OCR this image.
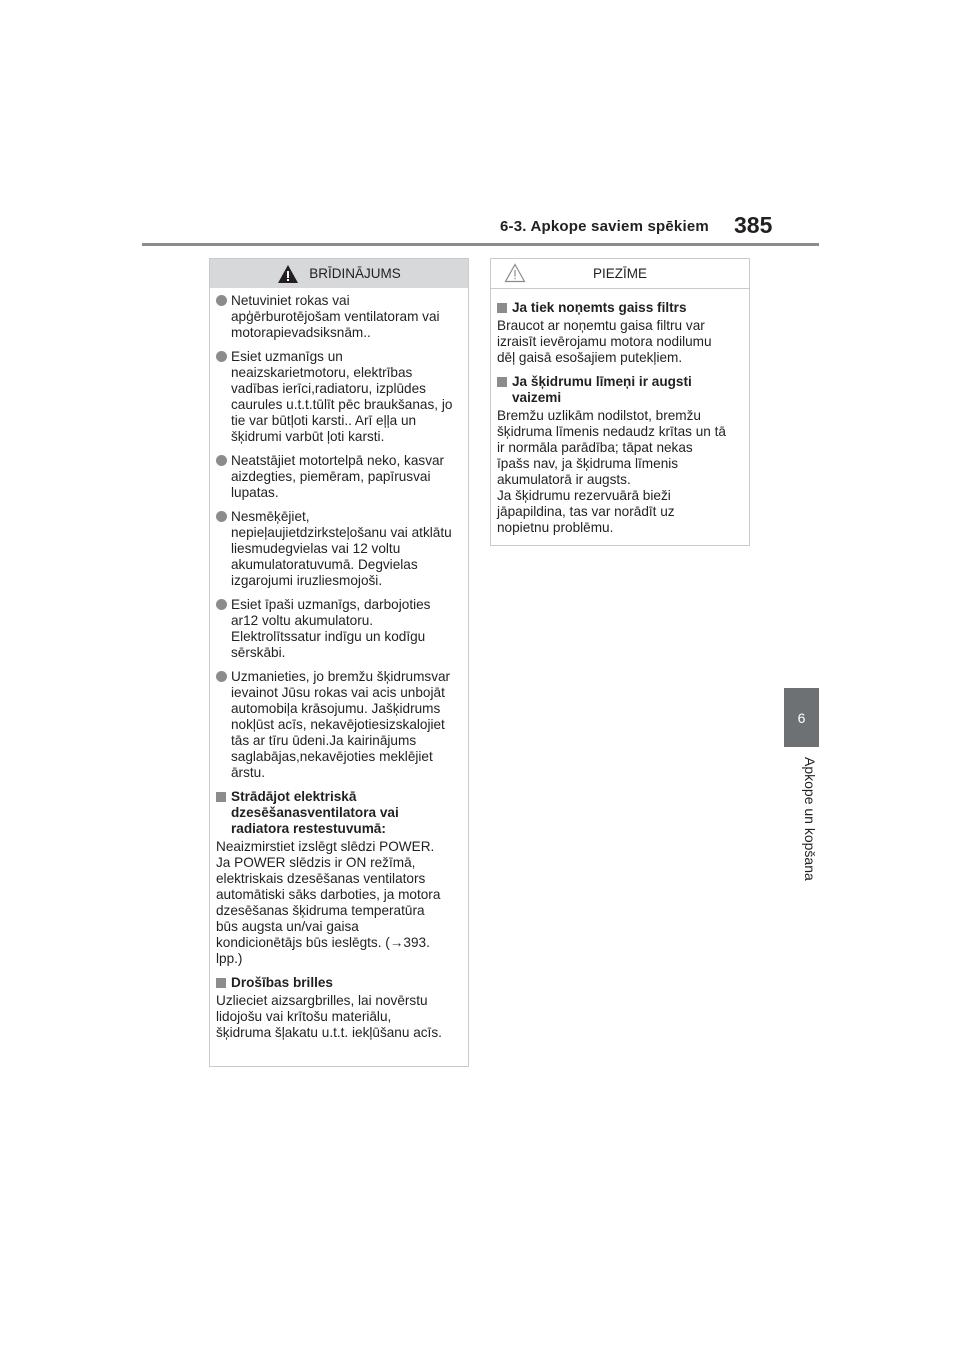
6-3. Apkope saviem spēkiem 385
6
Apkope un kopšana
BRĪDINĀJUMS
Netuviniet rokas vai apģērburotējošam ventilatoram vai motorapievadsiksnām..
Esiet uzmanīgs un neaizskarietmotoru, elektrības vadības ierīci,radiatoru, izplūdes caurules u.t.t.tūlīt pēc braukšanas, jo tie var būtļoti karsti.. Arī eļļa un šķidrumi varbūt ļoti karsti.
Neatstājiet motortelpā neko, kasvar aizdegties, piemēram, papīrusvai lupatas.
Nesmēķējiet, nepieļaujietdzirksteļošanu vai atklātu liesmudegvielas vai 12 voltu akumulatoratuvumā. Degvielas izgarojumi iruzliesmojoši.
Esiet īpaši uzmanīgs, darbojoties ar12 voltu akumulatoru. Elektrolītssatur indīgu un kodīgu sērskābi.
Uzmanieties, jo bremžu šķidrumsvar ievainot Jūsu rokas vai acis unbojāt automobiļa krāsojumu. Jašķidrums nokļūst acīs, nekavējotiesizskalojiet tās ar tīru ūdeni.Ja kairinājums saglabājas,nekavējoties meklējiet ārstu.
Strādājot elektriskā dzesēšanasventilatora vai radiatora restestuvumā:
Neaizmirstiet izslēgt slēdzi POWER.
Ja POWER slēdzis ir ON režīmā,
elektriskais dzesēšanas ventilators
automātiski sāks darboties, ja motora
dzesēšanas šķidruma temperatūra
būs augsta un/vai gaisa
kondicionētājs būs ieslēgts. (→393.
lpp.)
Drošības brilles
Uzlieciet aizsargbrilles, lai novērstu
lidojošu vai krītošu materiālu,
šķidruma šļakatu u.t.t. iekļūšanu acīs.
PIEZĪME
Ja tiek noņemts gaiss filtrs
Braucot ar noņemtu gaisa filtru var
izraisīt ievērojamu motora nodilumu
dēļ gaisā esošajiem putekļiem.
Ja šķidrumu līmeņi ir augsti vaizemi
Bremžu uzlikām nodilstot, bremžu
šķidruma līmenis nedaudz krītas un tā
ir normāla parādība; tāpat nekas
īpašs nav, ja šķidruma līmenis
akumulatorā ir augsts.
Ja šķidrumu rezervuārā bieži
jāpapildina, tas var norādīt uz
nopietnu problēmu.
